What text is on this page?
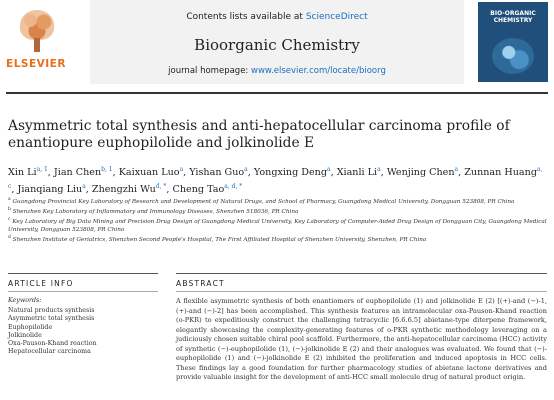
ELSEVIER
Contents lists available at ScienceDirect
Bioorganic Chemistry
journal homepage: www.elsevier.com/locate/bioorg
BIO-ORGANIC CHEMISTRY
Asymmetric total synthesis and anti-hepatocellular carcinoma profile of enantiopure euphopilolide and jolkinolide E
Xin Li$^{a, 1}$, Jian Chen$^{b, 1}$, Kaixuan Luo$^a$, Yishan Guo$^a$, Yongxing Deng$^a$, Xianli Li$^a$, Wenjing Chen$^a$, Zunnan Huang$^{a, c}$, Jianqiang Liu$^a$, Zhengzhi $Wu^{d, *}$, Cheng Tao$^{a, d, *}$
$^a$ Guangdong Provincial Key Laboratory of Research and Development of Natural Drugs, and School of Pharmacy, Guangdong Medical University, Dongguan 523808, PR China
$^b$ Shenzhen Key Laboratory of Inflammatory and Immunology Diseases, Shenzhen 518036, PR China
$^c$ Key Laboratory of Big Data Mining and Precision Drug Design of Guangdong Medical University, Key Laboratory of Computer-Aided Drug Design of Dongguan City, Guangdong Medical University, Dongguan 523808, PR China
$^d$ Shenzhen Institute of Geriatrics, Shenzhen Second People's Hospital, The First Affiliated Hospital of Shenzhen University, Shenzhen, PR China
ARTICLE INFO	ABSTRACT
Keywords:
Natural products synthesis
Asymmetric total synthesis
Euphopilolide
Jolkinolide
Oxa-Pauson-Khand reaction
Hepatocellular carcinoma
A flexible asymmetric synthesis of both enantiomers of euphopilolide (1) and jolkinolide E (2) [(+)-and (−)-1, (+)-and (−)-2] has been accomplished. This synthesis features an intramolecular oxa-Pauson-Khand reaction (o-PKR) to expeditiously construct the challenging tetracyclic [6.6.6.5] abietane-type diterpene framework, elegantly showcasing the complexity-generating features of o-PKR synthetic methodology leveraging on a judiciously chosen suitable chiral pool scaffold. Furthermore, the anti-hepatocellular carcinoma (HCC) activity of synthetic (−)-euphopilolide (1), (−)-jolkinolide E (2) and their analogues was evaluated. We found that (−)-euphopilolide (1) and (−)-jolkinolide E (2) inhibited the proliferation and induced apoptosis in HCC cells. These findings lay a good foundation for further pharmacology studies of abietane lactone derivatives and provide valuable insight for the development of anti-HCC small molecule drug of natural product origin.
